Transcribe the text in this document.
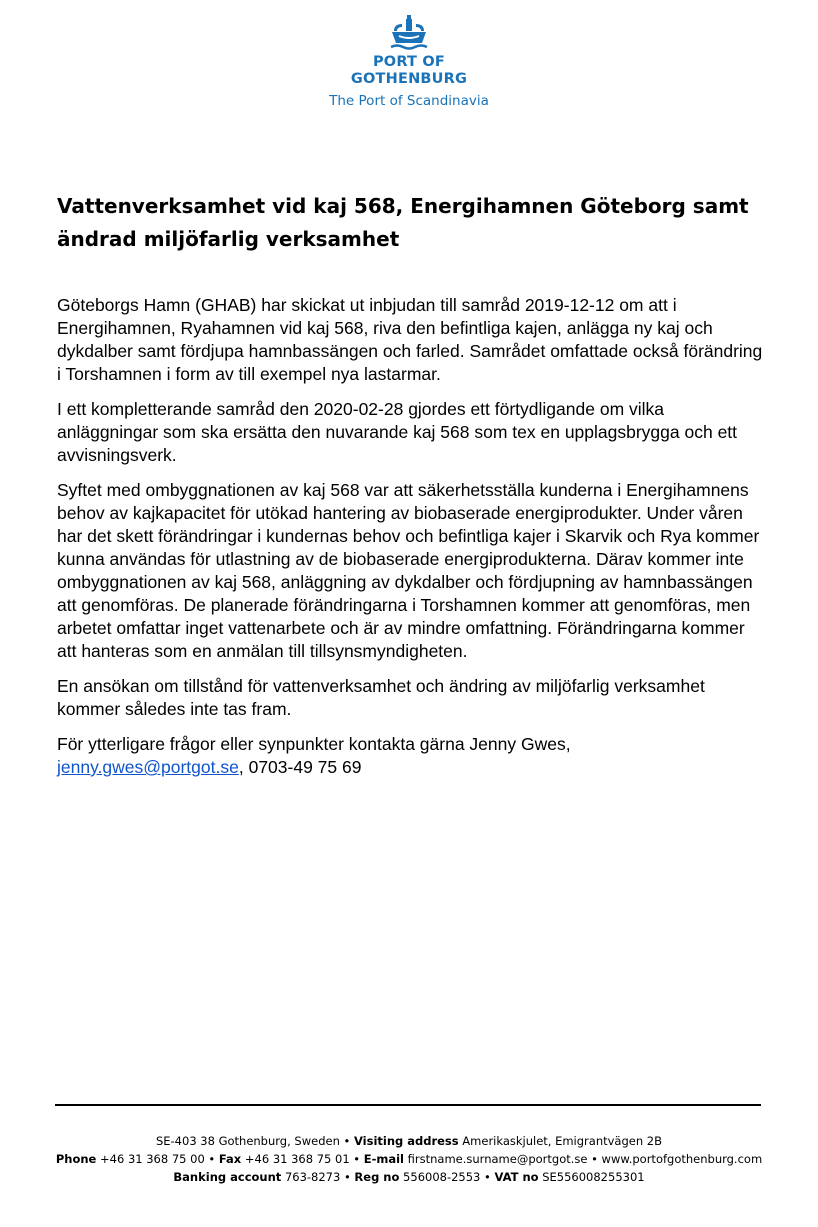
PORT OF
GOTHENBURG
The Port of Scandinavia
Vattenverksamhet vid kaj 568, Energihamnen Göteborg samt ändrad miljöfarlig verksamhet

Göteborgs Hamn (GHAB) har skickat ut inbjudan till samråd 2019-12-12 om att i Energihamnen, Ryahamnen vid kaj 568, riva den befintliga kajen, anlägga ny kaj och dykdalber samt fördjupa hamnbassängen och farled. Samrådet omfattade också förändring i Torshamnen i form av till exempel nya lastarmar.

I ett kompletterande samråd den 2020-02-28 gjordes ett förtydligande om vilka anläggningar som ska ersätta den nuvarande kaj 568 som tex en upplagsbrygga och ett avvisningsverk.

Syftet med ombyggnationen av kaj 568 var att säkerhetsställa kunderna i Energihamnens behov av kajkapacitet för utökad hantering av biobaserade energiprodukter. Under våren har det skett förändringar i kundernas behov och befintliga kajer i Skarvik och Rya kommer kunna användas för utlastning av de biobaserade energiprodukterna. Därav kommer inte ombyggnationen av kaj 568, anläggning av dykdalber och fördjupning av hamnbassängen att genomföras. De planerade förändringarna i Torshamnen kommer att genomföras, men arbetet omfattar inget vattenarbete och är av mindre omfattning. Förändringarna kommer att hanteras som en anmälan till tillsynsmyndigheten.

En ansökan om tillstånd för vattenverksamhet och ändring av miljöfarlig verksamhet kommer således inte tas fram.

För ytterligare frågor eller synpunkter kontakta gärna Jenny Gwes,
jenny.gwes@portgot.se, 0703-49 75 69

SE-403 38 Gothenburg, Sweden • Visiting address Amerikaskjulet, Emigrantvägen 2B
Phone +46 31 368 75 00 • Fax +46 31 368 75 01 • E-mail firstname.surname@portgot.se • www.portofgothenburg.com
Banking account 763-8273 • Reg no 556008-2553 • VAT no SE556008255301
